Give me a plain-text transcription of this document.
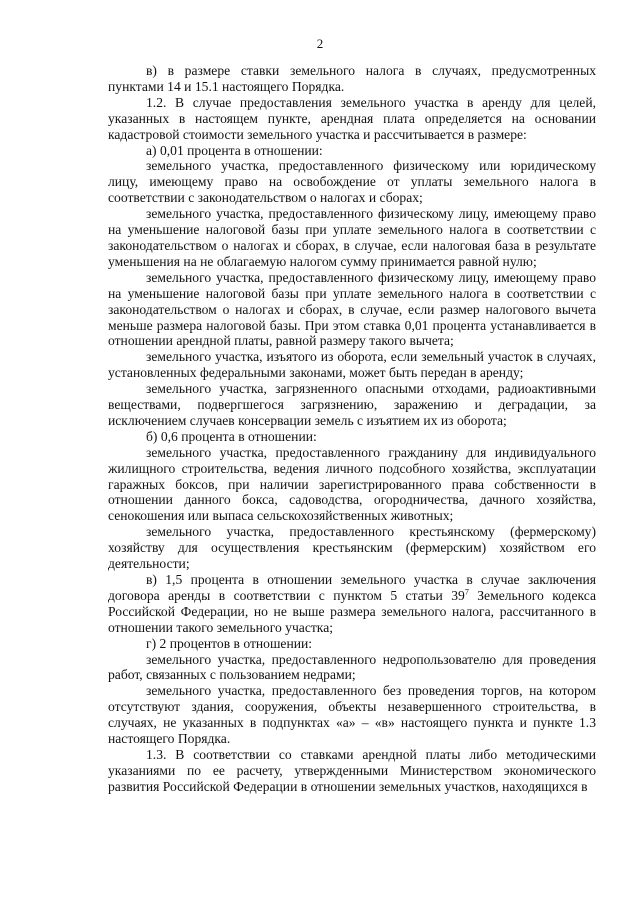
2

в) в размере ставки земельного налога в случаях, предусмотренных пунктами 14 и 15.1 настоящего Порядка.

1.2. В случае предоставления земельного участка в аренду для целей, указанных в настоящем пункте, арендная плата определяется на основании кадастровой стоимости земельного участка и рассчитывается в размере:

а) 0,01 процента в отношении:

земельного участка, предоставленного физическому или юридическому лицу, имеющему право на освобождение от уплаты земельного налога в соответствии с законодательством о налогах и сборах;

земельного участка, предоставленного физическому лицу, имеющему право на уменьшение налоговой базы при уплате земельного налога в соответствии с законодательством о налогах и сборах, в случае, если налоговая база в результате уменьшения на не облагаемую налогом сумму принимается равной нулю;

земельного участка, предоставленного физическому лицу, имеющему право на уменьшение налоговой базы при уплате земельного налога в соответствии с законодательством о налогах и сборах, в случае, если размер налогового вычета меньше размера налоговой базы. При этом ставка 0,01 процента устанавливается в отношении арендной платы, равной размеру такого вычета;

земельного участка, изъятого из оборота, если земельный участок в случаях, установленных федеральными законами, может быть передан в аренду;

земельного участка, загрязненного опасными отходами, радиоактивными веществами, подвергшегося загрязнению, заражению и деградации, за исключением случаев консервации земель с изъятием их из оборота;

б) 0,6 процента в отношении:

земельного участка, предоставленного гражданину для индивидуального жилищного строительства, ведения личного подсобного хозяйства, эксплуатации гаражных боксов, при наличии зарегистрированного права собственности в отношении данного бокса, садоводства, огородничества, дачного хозяйства, сенокошения или выпаса сельскохозяйственных животных;

земельного участка, предоставленного крестьянскому (фермерскому) хозяйству для осуществления крестьянским (фермерским) хозяйством его деятельности;

в) 1,5 процента в отношении земельного участка в случае заключения договора аренды в соответствии с пунктом 5 статьи $39^7$ Земельного кодекса Российской Федерации, но не выше размера земельного налога, рассчитанного в отношении такого земельного участка;

г) 2 процентов в отношении:

земельного участка, предоставленного недропользователю для проведения работ, связанных с пользованием недрами;

земельного участка, предоставленного без проведения торгов, на котором отсутствуют здания, сооружения, объекты незавершенного строительства, в случаях, не указанных в подпунктах «а» – «в» настоящего пункта и пункте 1.3 настоящего Порядка.

1.3. В соответствии со ставками арендной платы либо методическими указаниями по ее расчету, утвержденными Министерством экономического развития Российской Федерации в отношении земельных участков, находящихся в
